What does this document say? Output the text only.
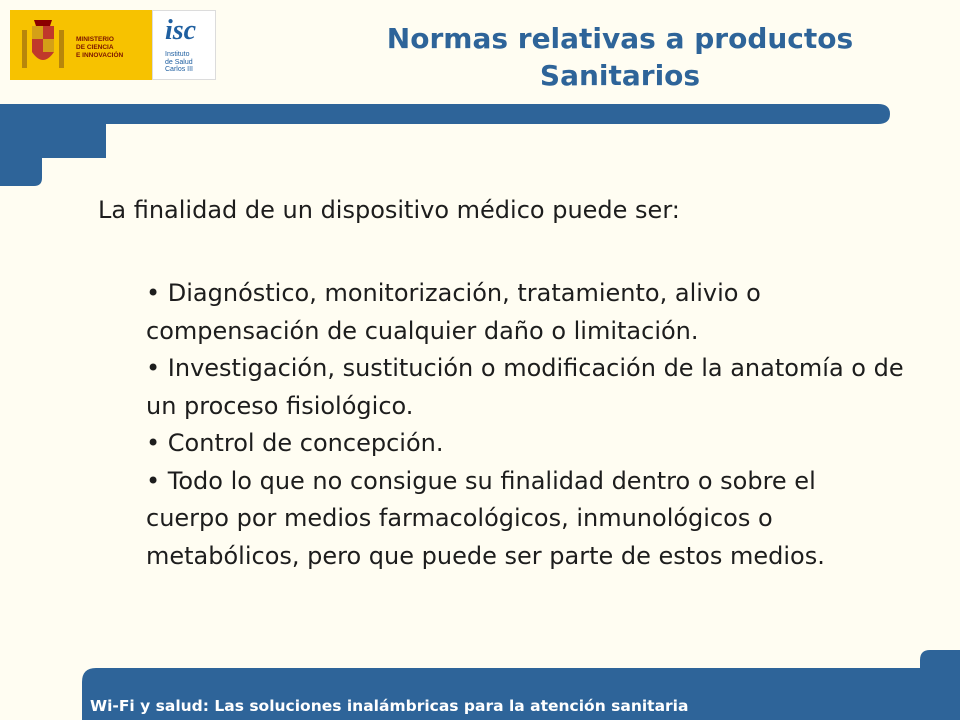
MINISTERIO
DE CIENCIA
E INNOVACIÓN
isc
Instituto
de Salud
Carlos III
Normas relativas a productos
Sanitarios
La finalidad de un dispositivo médico puede ser:
• Diagnóstico, monitorización, tratamiento, alivio o compensación de cualquier daño o limitación.
• Investigación, sustitución o modificación de la anatomía o de un proceso fisiológico.
• Control de concepción.
• Todo lo que no consigue su finalidad dentro o sobre el cuerpo por medios farmacológicos, inmunológicos o metabólicos, pero que puede ser parte de estos medios.
Wi-Fi y salud: Las soluciones inalámbricas para la atención sanitaria
